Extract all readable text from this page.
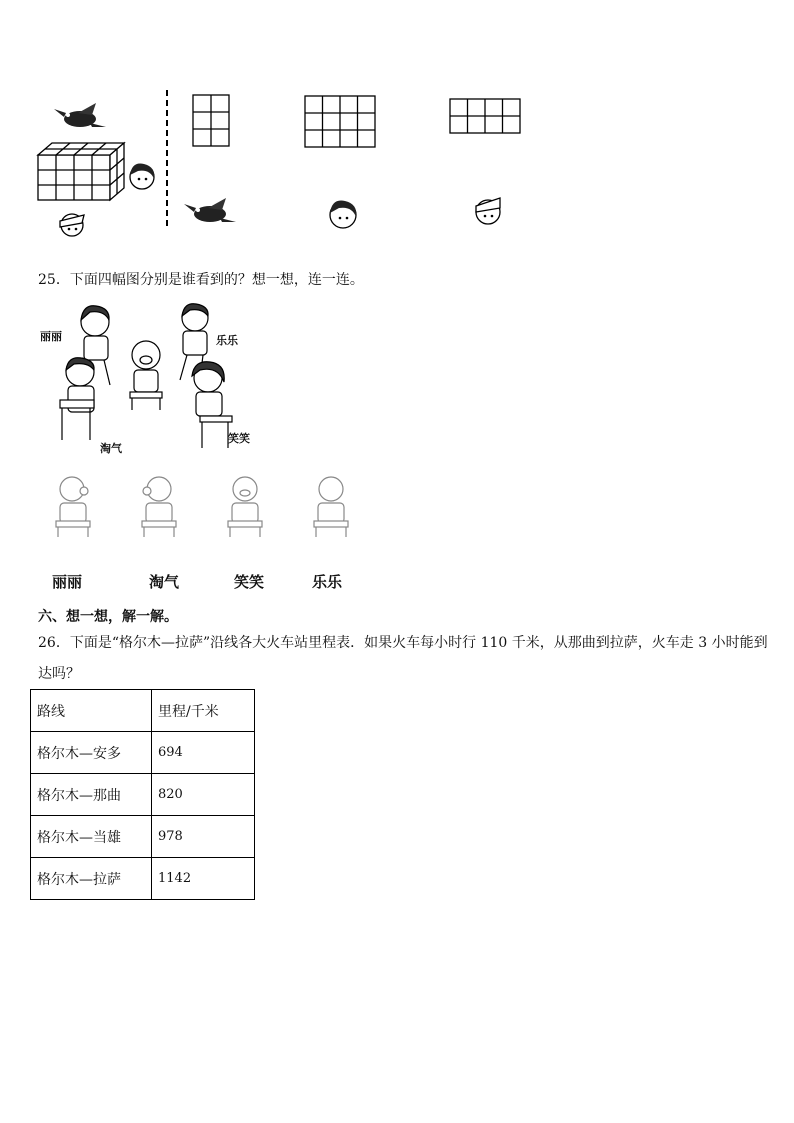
25．下面四幅图分别是谁看到的？想一想，连一连。
丽丽	乐乐
淘气
笑笑
丽丽	淘气	笑笑	乐乐
六、想一想，解一解。
26．下面是“格尔木—拉萨”沿线各大火车站里程表．如果火车每小时行 110 千米，从那曲到拉萨，火车走 3 小时能到
达吗？
路线	里程/千米
格尔木—安多	694
格尔木—那曲	820
格尔木—当雄	978
格尔木—拉萨	1142
